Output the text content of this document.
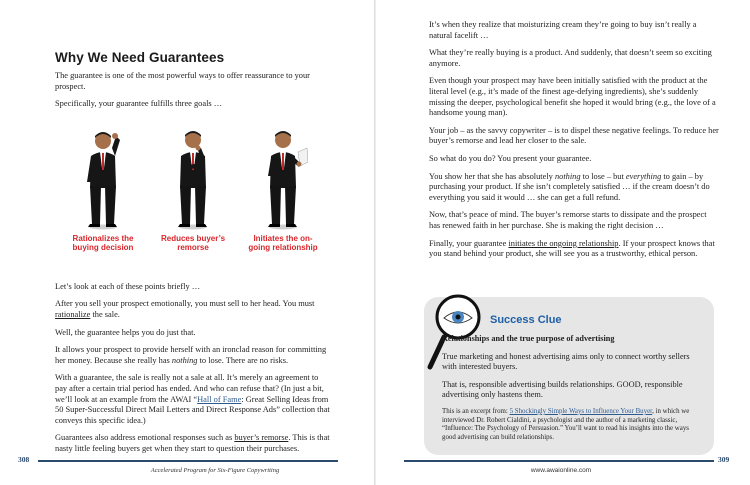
Why We Need Guarantees

The guarantee is one of the most powerful ways to offer reassurance to your prospect.

Specifically, your guarantee fulfills three goals …

Rationalizes the
buying decision
Reduces buyer’s
remorse
Initiates the on-
going relationship

Let’s look at each of these points briefly …

After you sell your prospect emotionally, you must sell to her head. You must rationalize the sale.

Well, the guarantee helps you do just that.

It allows your prospect to provide herself with an ironclad reason for committing her money. Because she really has nothing to lose. There are no risks.

With a guarantee, the sale is really not a sale at all. It’s merely an agreement to pay after a certain trial period has ended. And who can refuse that? (In just a bit, we’ll look at an example from the AWAI “Hall of Fame: Great Selling Ideas from 50 Super-Successful Direct Mail Letters and Direct Response Ads” collection that conveys this specific idea.)

Guarantees also address emotional responses such as buyer’s remorse. This is that nasty little feeling buyers get when they start to question their purchases.

308
Accelerated Program for Six-Figure Copywriting

It’s when they realize that moisturizing cream they’re going to buy isn’t really a natural facelift …

What they’re really buying is a product. And suddenly, that doesn’t seem so exciting anymore.

Even though your prospect may have been initially satisfied with the product at the literal level (e.g., it’s made of the finest age-defying ingredients), she’s suddenly missing the deeper, psychological benefit she hoped it would bring (e.g., the love of a handsome young man).

Your job – as the savvy copywriter – is to dispel these negative feelings. To reduce her buyer’s remorse and lead her closer to the sale.

So what do you do? You present your guarantee.

You show her that she has absolutely nothing to lose – but everything to gain – by purchasing your product. If she isn’t completely satisfied … if the cream doesn’t do everything you said it would … she can get a full refund.

Now, that’s peace of mind. The buyer’s remorse starts to dissipate and the prospect has renewed faith in her purchase. She is making the right decision …

Finally, your guarantee initiates the ongoing relationship. If your prospect knows that you stand behind your product, she will see you as a trustworthy, ethical person.

Success Clue

Relationships and the true purpose of advertising

True marketing and honest advertising aims only to connect worthy sellers with interested buyers.

That is, responsible advertising builds relationships. GOOD, responsible advertising only hastens them.

This is an excerpt from: 5 Shockingly Simple Ways to Influence Your Buyer, in which we interviewed Dr. Robert Cialdini, a psychologist and the author of a marketing classic, “Influence: The Psychology of Persuasion.” You’ll want to read his insights into the ways good advertising can build relationships.

309
www.awaionline.com
